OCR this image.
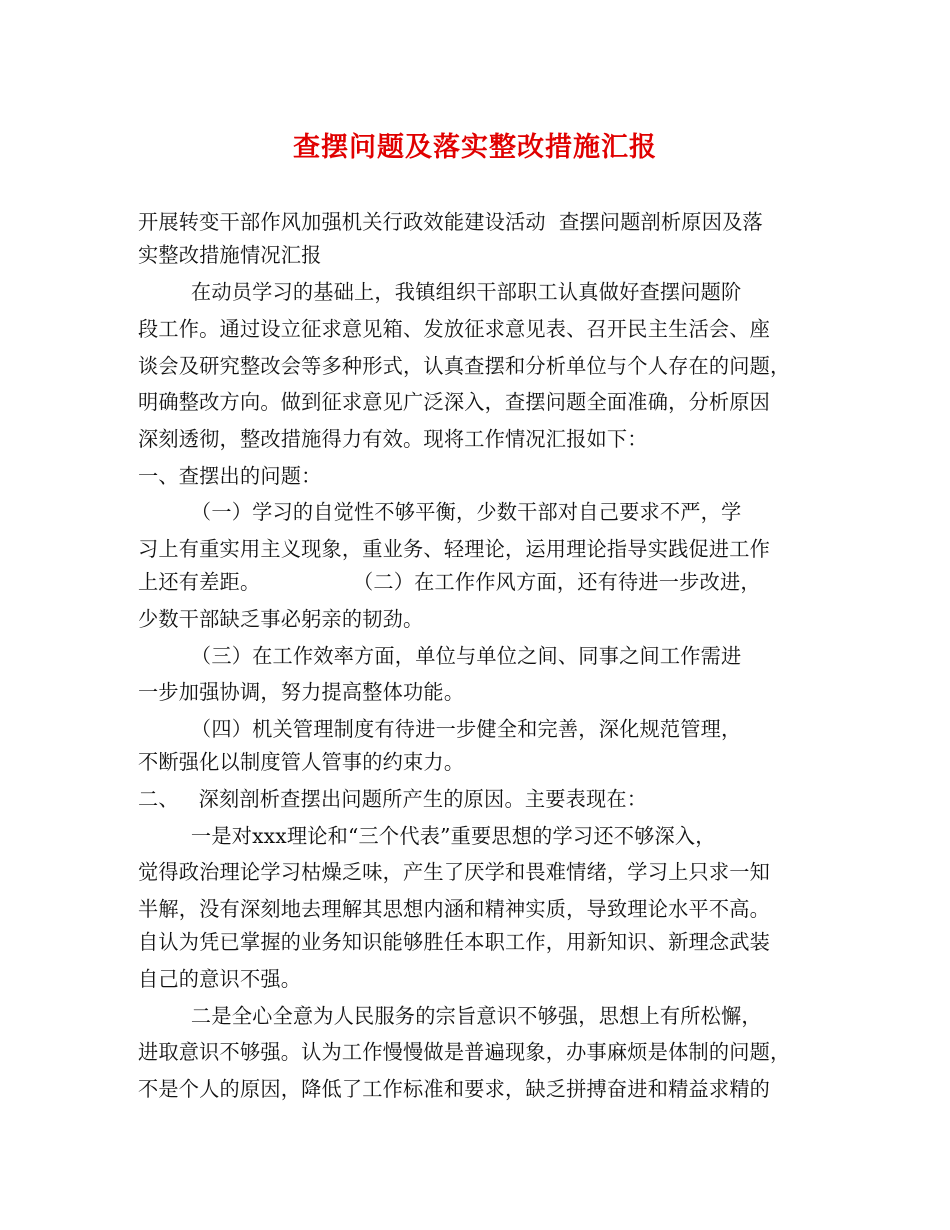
查摆问题及落实整改措施汇报
开展转变干部作风加强机关行政效能建设活动  查摆问题剖析原因及落
实整改措施情况汇报
在动员学习的基础上，我镇组织干部职工认真做好查摆问题阶
段工作。通过设立征求意见箱、发放征求意见表、召开民主生活会、座
谈会及研究整改会等多种形式，认真查摆和分析单位与个人存在的问题，
明确整改方向。做到征求意见广泛深入，查摆问题全面准确，分析原因
深刻透彻，整改措施得力有效。现将工作情况汇报如下：
一、查摆出的问题：
（一）学习的自觉性不够平衡，少数干部对自己要求不严，学
习上有重实用主义现象，重业务、轻理论，运用理论指导实践促进工作
上还有差距。              （二）在工作作风方面，还有待进一步改进，
少数干部缺乏事必躬亲的韧劲。
（三）在工作效率方面，单位与单位之间、同事之间工作需进
一步加强协调，努力提高整体功能。
（四）机关管理制度有待进一步健全和完善，深化规范管理，
不断强化以制度管人管事的约束力。
二、   深刻剖析查摆出问题所产生的原因。主要表现在：
一是对xxx理论和“三个代表”重要思想的学习还不够深入，
觉得政治理论学习枯燥乏味，产生了厌学和畏难情绪，学习上只求一知
半解，没有深刻地去理解其思想内涵和精神实质，导致理论水平不高。
自认为凭已掌握的业务知识能够胜任本职工作，用新知识、新理念武装
自己的意识不强。
二是全心全意为人民服务的宗旨意识不够强，思想上有所松懈，
进取意识不够强。认为工作慢慢做是普遍现象，办事麻烦是体制的问题，
不是个人的原因，降低了工作标准和要求，缺乏拼搏奋进和精益求精的
